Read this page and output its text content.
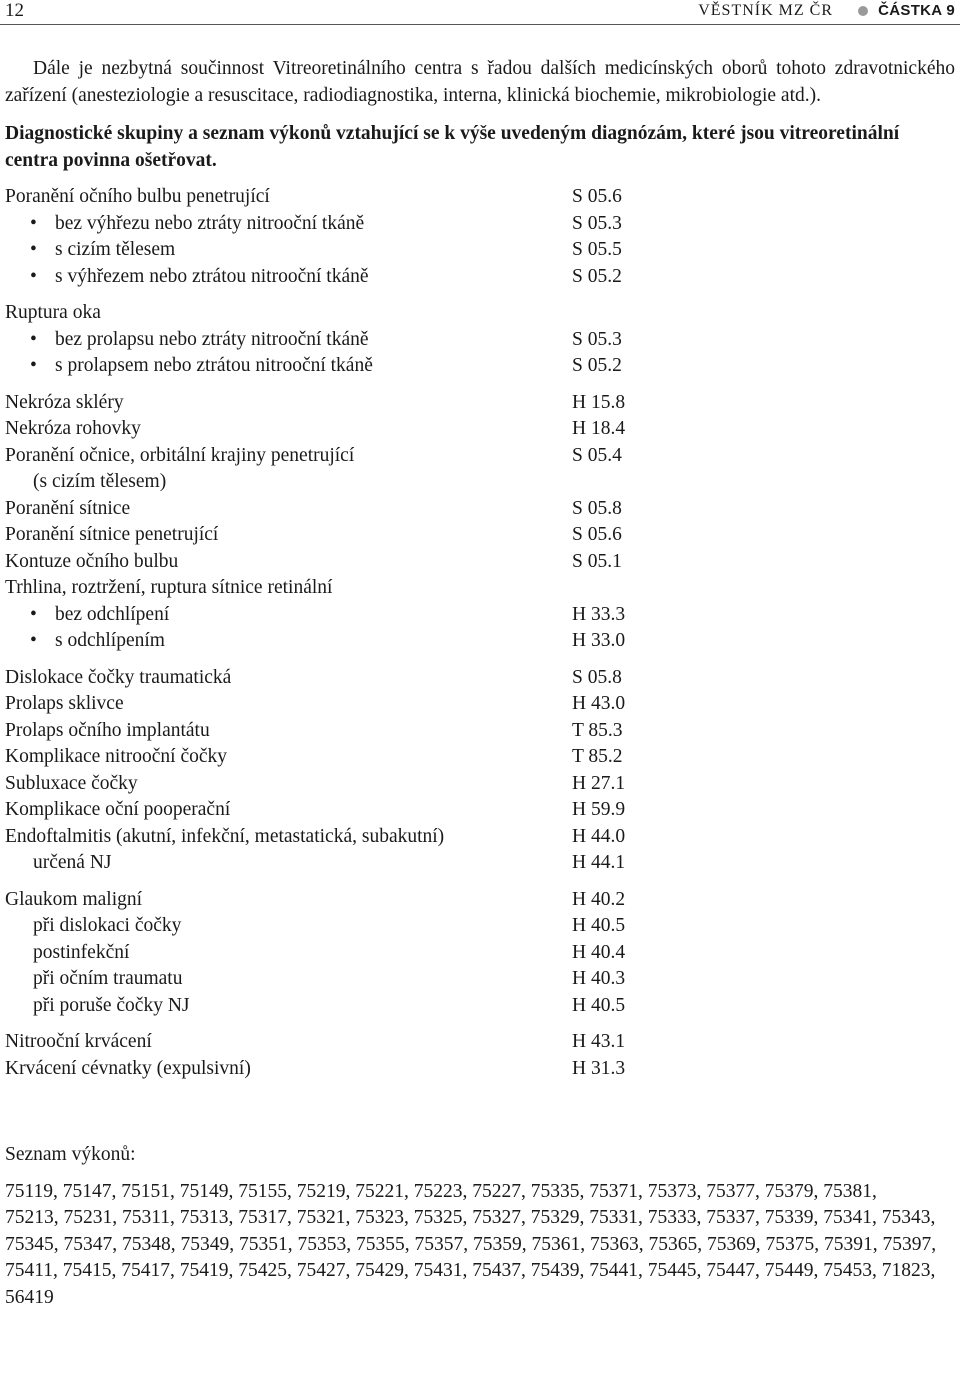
12	VĚSTNÍK MZ ČR	ČÁSTKA 9

Dále je nezbytná součinnost Vitreoretinálního centra s řadou dalších medicínských oborů tohoto zdravotnického zařízení (anesteziologie a resuscitace, radiodiagnostika, interna, klinická biochemie, mikrobiologie atd.).

Diagnostické skupiny a seznam výkonů vztahující se k výše uvedeným diagnózám, které jsou vitreoretinální centra povinna ošetřovat.

Poranění očního bulbu penetrující	S 05.6
• bez výhřezu nebo ztráty nitrooční tkáně	S 05.3
• s cizím tělesem	S 05.5
• s výhřezem nebo ztrátou nitrooční tkáně	S 05.2
Ruptura oka
• bez prolapsu nebo ztráty nitrooční tkáně	S 05.3
• s prolapsem nebo ztrátou nitrooční tkáně	S 05.2
Nekróza skléry	H 15.8
Nekróza rohovky	H 18.4
Poranění očnice, orbitální krajiny penetrující	S 05.4
(s cizím tělesem)
Poranění sítnice	S 05.8
Poranění sítnice penetrující	S 05.6
Kontuze očního bulbu	S 05.1
Trhlina, roztržení, ruptura sítnice retinální
• bez odchlípení	H 33.3
• s odchlípením	H 33.0
Dislokace čočky traumatická	S 05.8
Prolaps sklivce	H 43.0
Prolaps očního implantátu	T 85.3
Komplikace nitrooční čočky	T 85.2
Subluxace čočky	H 27.1
Komplikace oční pooperační	H 59.9
Endoftalmitis (akutní, infekční, metastatická, subakutní)	H 44.0
určená NJ	H 44.1
Glaukom maligní	H 40.2
při dislokaci čočky	H 40.5
postinfekční	H 40.4
při očním traumatu	H 40.3
při poruše čočky NJ	H 40.5
Nitrooční krvácení	H 43.1
Krvácení cévnatky (expulsivní)	H 31.3

Seznam výkonů:

75119, 75147, 75151, 75149, 75155, 75219, 75221, 75223, 75227, 75335, 75371, 75373, 75377, 75379, 75381,

75213, 75231, 75311, 75313, 75317, 75321, 75323, 75325, 75327, 75329, 75331, 75333, 75337, 75339, 75341, 75343, 75345, 75347, 75348, 75349, 75351, 75353, 75355, 75357, 75359, 75361, 75363, 75365, 75369, 75375, 75391, 75397, 75411, 75415, 75417, 75419, 75425, 75427, 75429, 75431, 75437, 75439, 75441, 75445, 75447, 75449, 75453, 71823, 56419
